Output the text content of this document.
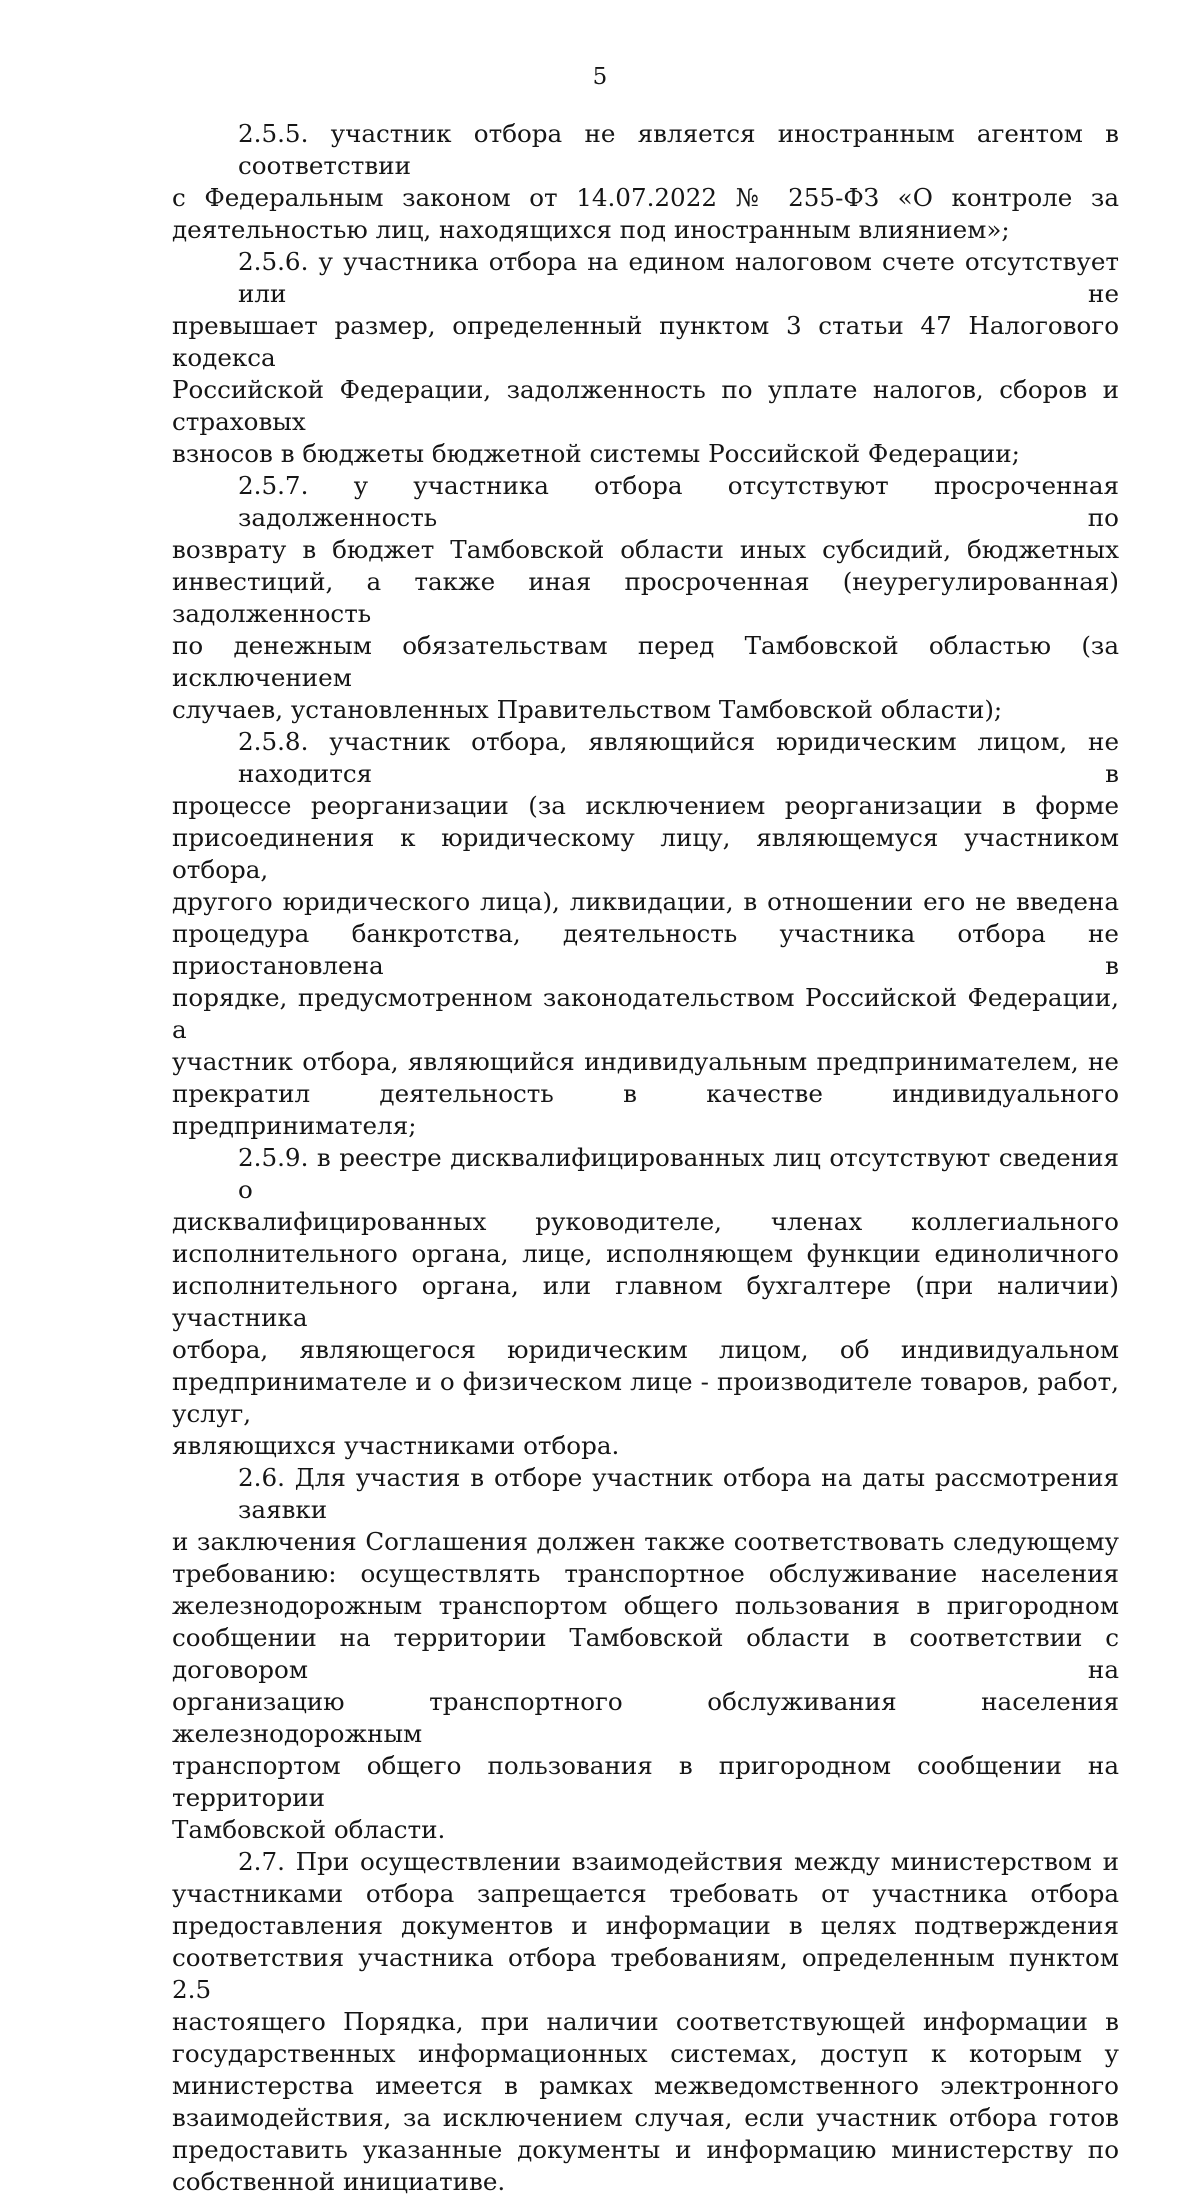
5
2.5.5. участник отбора не является иностранным агентом в соответствии
с Федеральным законом от 14.07.2022 № 255-ФЗ «О контроле за
деятельностью лиц, находящихся под иностранным влиянием»;
2.5.6. у участника отбора на едином налоговом счете отсутствует или не
превышает размер, определенный пунктом 3 статьи 47 Налогового кодекса
Российской Федерации, задолженность по уплате налогов, сборов и страховых
взносов в бюджеты бюджетной системы Российской Федерации;
2.5.7. у участника отбора отсутствуют просроченная задолженность по
возврату в бюджет Тамбовской области иных субсидий, бюджетных
инвестиций, а также иная просроченная (неурегулированная) задолженность
по денежным обязательствам перед Тамбовской областью (за исключением
случаев, установленных Правительством Тамбовской области);
2.5.8. участник отбора, являющийся юридическим лицом, не находится в
процессе реорганизации (за исключением реорганизации в форме
присоединения к юридическому лицу, являющемуся участником отбора,
другого юридического лица), ликвидации, в отношении его не введена
процедура банкротства, деятельность участника отбора не приостановлена в
порядке, предусмотренном законодательством Российской Федерации, а
участник отбора, являющийся индивидуальным предпринимателем, не
прекратил деятельность в качестве индивидуального предпринимателя;
2.5.9. в реестре дисквалифицированных лиц отсутствуют сведения о
дисквалифицированных руководителе, членах коллегиального
исполнительного органа, лице, исполняющем функции единоличного
исполнительного органа, или главном бухгалтере (при наличии) участника
отбора, являющегося юридическим лицом, об индивидуальном
предпринимателе и о физическом лице - производителе товаров, работ, услуг,
являющихся участниками отбора.
2.6. Для участия в отборе участник отбора на даты рассмотрения заявки
и заключения Соглашения должен также соответствовать следующему
требованию: осуществлять транспортное обслуживание населения
железнодорожным транспортом общего пользования в пригородном
сообщении на территории Тамбовской области в соответствии с договором на
организацию транспортного обслуживания населения железнодорожным
транспортом общего пользования в пригородном сообщении на территории
Тамбовской области.
2.7. При осуществлении взаимодействия между министерством и
участниками отбора запрещается требовать от участника отбора
предоставления документов и информации в целях подтверждения
соответствия участника отбора требованиям, определенным пунктом 2.5
настоящего Порядка, при наличии соответствующей информации в
государственных информационных системах, доступ к которым у
министерства имеется в рамках межведомственного электронного
взаимодействия, за исключением случая, если участник отбора готов
предоставить указанные документы и информацию министерству по
собственной инициативе.
